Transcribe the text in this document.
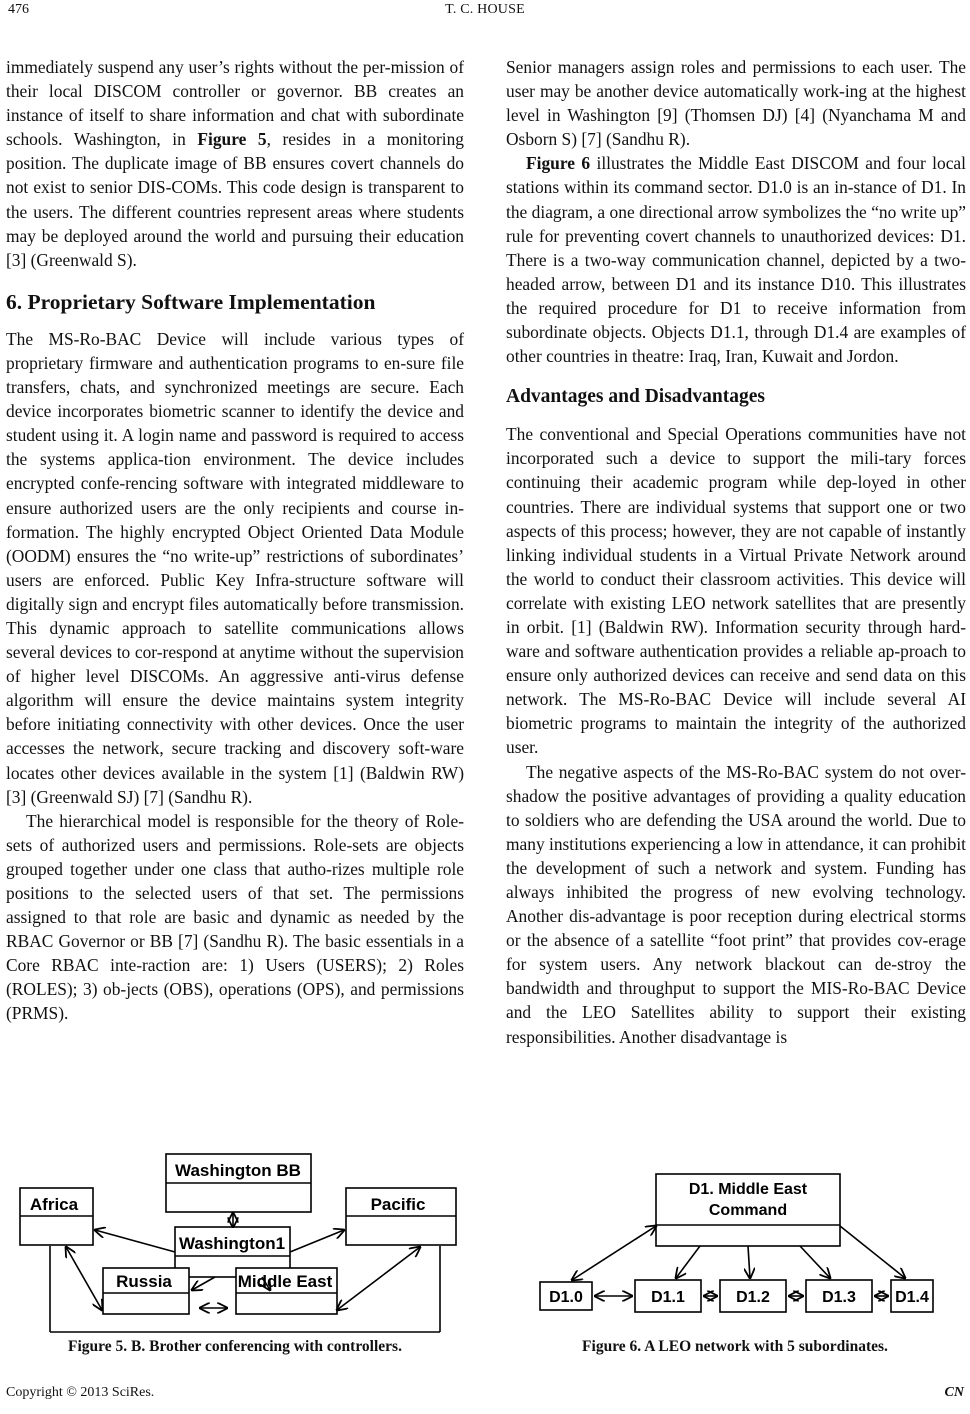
476	T. C. HOUSE

immediately suspend any user’s rights without the per-mission of their local DISCOM controller or governor. BB creates an instance of itself to share information and chat with subordinate schools. Washington, in Figure 5, resides in a monitoring position. The duplicate image of BB ensures covert channels do not exist to senior DIS-COMs. This code design is transparent to the users. The different countries represent areas where students may be deployed around the world and pursuing their education [3] (Greenwald S).

6. Proprietary Software Implementation

The MS-Ro-BAC Device will include various types of proprietary firmware and authentication programs to en-sure file transfers, chats, and synchronized meetings are secure. Each device incorporates biometric scanner to identify the device and student using it. A login name and password is required to access the systems applica-tion environment. The device includes encrypted confe-rencing software with integrated middleware to ensure authorized users are the only recipients and course in-formation. The highly encrypted Object Oriented Data Module (OODM) ensures the “no write-up” restrictions of subordinates’ users are enforced. Public Key Infra-structure software will digitally sign and encrypt files automatically before transmission. This dynamic approach to satellite communications allows several devices to cor-respond at anytime without the supervision of higher level DISCOMs. An aggressive anti-virus defense algorithm will ensure the device maintains system integrity before initiating connectivity with other devices. Once the user accesses the network, secure tracking and discovery soft-ware locates other devices available in the system [1] (Baldwin RW) [3] (Greenwald SJ) [7] (Sandhu R).

The hierarchical model is responsible for the theory of Role-sets of authorized users and permissions. Role-sets are objects grouped together under one class that autho-rizes multiple role positions to the selected users of that set. The permissions assigned to that role are basic and dynamic as needed by the RBAC Governor or BB [7] (Sandhu R). The basic essentials in a Core RBAC inte-raction are: 1) Users (USERS); 2) Roles (ROLES); 3) ob-jects (OBS), operations (OPS), and permissions (PRMS).

Senior managers assign roles and permissions to each user. The user may be another device automatically work-ing at the highest level in Washington [9] (Thomsen DJ) [4] (Nyanchama M and Osborn S) [7] (Sandhu R).

Figure 6 illustrates the Middle East DISCOM and four local stations within its command sector. D1.0 is an in-stance of D1. In the diagram, a one directional arrow symbolizes the “no write up” rule for preventing covert channels to unauthorized devices: D1. There is a two-way communication channel, depicted by a two-headed arrow, between D1 and its instance D10. This illustrates the required procedure for D1 to receive information from subordinate objects. Objects D1.1, through D1.4 are examples of other countries in theatre: Iraq, Iran, Kuwait and Jordon.

Advantages and Disadvantages

The conventional and Special Operations communities have not incorporated such a device to support the mili-tary forces continuing their academic program while dep-loyed in other countries. There are individual systems that support one or two aspects of this process; however, they are not capable of instantly linking individual students in a Virtual Private Network around the world to conduct their classroom activities. This device will correlate with existing LEO network satellites that are presently in orbit. [1] (Baldwin RW). Information security through hard-ware and software authentication provides a reliable ap-proach to ensure only authorized devices can receive and send data on this network. The MS-Ro-BAC Device will include several AI biometric programs to maintain the integrity of the authorized user.

The negative aspects of the MS-Ro-BAC system do not over-shadow the positive advantages of providing a quality education to soldiers who are defending the USA around the world. Due to many institutions experiencing a low in attendance, it can prohibit the development of such a network and system. Funding has always inhibited the progress of new evolving technology. Another dis-advantage is poor reception during electrical storms or the absence of a satellite “foot print” that provides cov-erage for system users. Any network blackout can de-stroy the bandwidth and throughput to support the MIS-Ro-BAC Device and the LEO Satellites ability to support their existing responsibilities. Another disadvantage is

Washington BB
Washington1
Africa	Pacific
Russia	Middle East
D1. Middle East
Command
D1.0	D1.1	D1.2	D1.3 D1.4
Figure 5. B. Brother conferencing with controllers.	Figure 6. A LEO network with 5 subordinates.
Copyright © 2013 SciRes.	CN
